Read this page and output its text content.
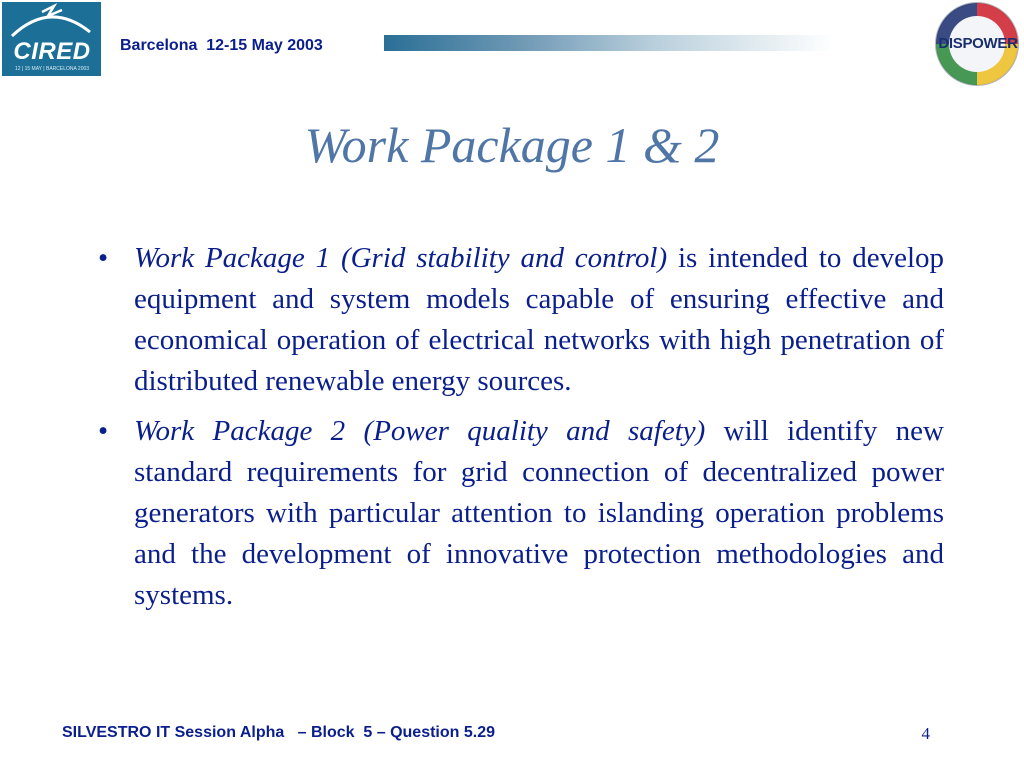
CIRED
12 | 15 MAY | BARCELONA 2003
Barcelona  12-15 May 2003	DISPOWER
Work Package 1 & 2
• Work Package 1 (Grid stability and control) is intended to develop equipment and system models capable of ensuring effective and economical operation of electrical networks with high penetration of distributed renewable energy sources.
• Work Package 2 (Power quality and safety) will identify new standard requirements for grid connection of decentralized power generators with particular attention to islanding operation problems and the development of innovative protection methodologies and systems.
SILVESTRO IT Session Alpha   – Block  5 – Question 5.29	4
